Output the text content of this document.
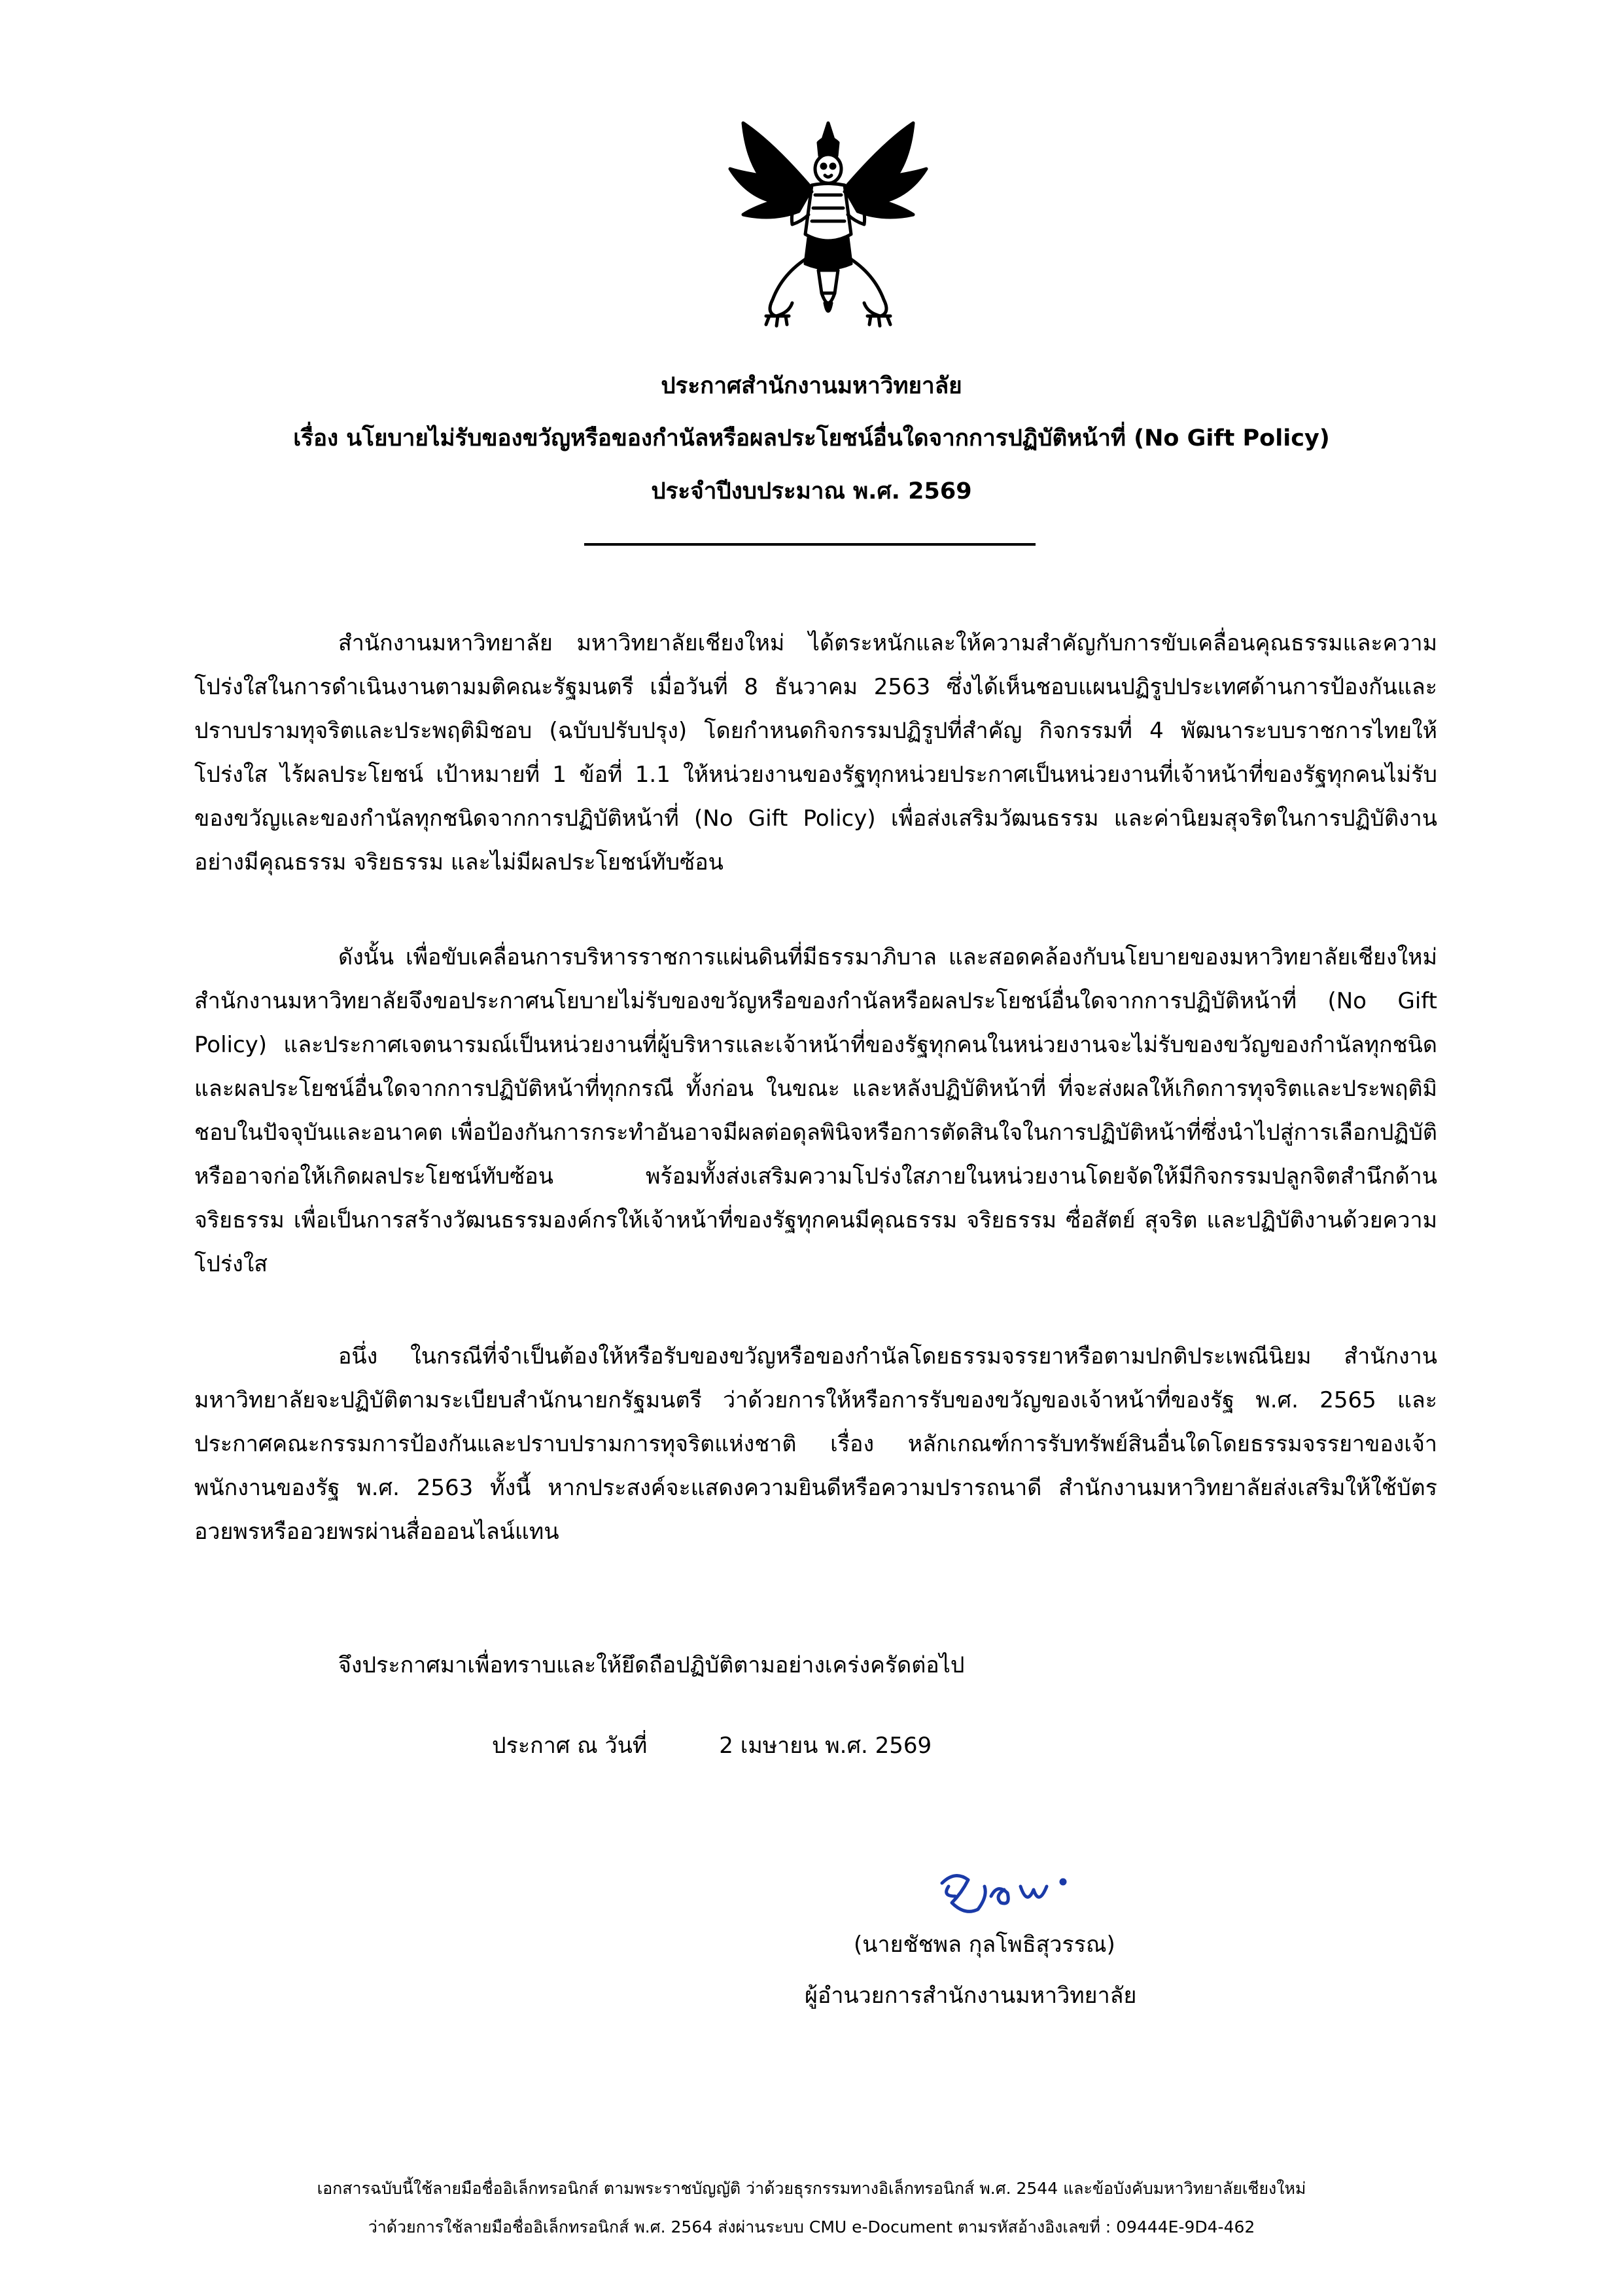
ประกาศสำนักงานมหาวิทยาลัย
เรื่อง นโยบายไม่รับของขวัญหรือของกำนัลหรือผลประโยชน์อื่นใดจากการปฏิบัติหน้าที่ (No Gift Policy)
ประจำปีงบประมาณ พ.ศ. 2569

สำนักงานมหาวิทยาลัย มหาวิทยาลัยเชียงใหม่ ได้ตระหนักและให้ความสำคัญกับการขับเคลื่อนคุณธรรมและความโปร่งใสในการดำเนินงานตามมติคณะรัฐมนตรี เมื่อวันที่ 8 ธันวาคม 2563 ซึ่งได้เห็นชอบแผนปฏิรูปประเทศด้านการป้องกันและปราบปรามทุจริตและประพฤติมิชอบ (ฉบับปรับปรุง) โดยกำหนดกิจกรรมปฏิรูปที่สำคัญ กิจกรรมที่ 4 พัฒนาระบบราชการไทยให้โปร่งใส ไร้ผลประโยชน์ เป้าหมายที่ 1 ข้อที่ 1.1 ให้หน่วยงานของรัฐทุกหน่วยประกาศเป็นหน่วยงานที่เจ้าหน้าที่ของรัฐทุกคนไม่รับของขวัญและของกำนัลทุกชนิดจากการปฏิบัติหน้าที่ (No Gift Policy) เพื่อส่งเสริมวัฒนธรรม และค่านิยมสุจริตในการปฏิบัติงานอย่างมีคุณธรรม จริยธรรม และไม่มีผลประโยชน์ทับซ้อน

ดังนั้น เพื่อขับเคลื่อนการบริหารราชการแผ่นดินที่มีธรรมาภิบาล และสอดคล้องกับนโยบายของมหาวิทยาลัยเชียงใหม่ สำนักงานมหาวิทยาลัยจึงขอประกาศนโยบายไม่รับของขวัญหรือของกำนัลหรือผลประโยชน์อื่นใดจากการปฏิบัติหน้าที่ (No Gift Policy) และประกาศเจตนารมณ์เป็นหน่วยงานที่ผู้บริหารและเจ้าหน้าที่ของรัฐทุกคนในหน่วยงานจะไม่รับของขวัญของกำนัลทุกชนิด และผลประโยชน์อื่นใดจากการปฏิบัติหน้าที่ทุกกรณี ทั้งก่อน ในขณะ และหลังปฏิบัติหน้าที่ ที่จะส่งผลให้เกิดการทุจริตและประพฤติมิชอบในปัจจุบันและอนาคต เพื่อป้องกันการกระทำอันอาจมีผลต่อดุลพินิจหรือการตัดสินใจในการปฏิบัติหน้าที่ซึ่งนำไปสู่การเลือกปฏิบัติ หรืออาจก่อให้เกิดผลประโยชน์ทับซ้อน พร้อมทั้งส่งเสริมความโปร่งใสภายในหน่วยงานโดยจัดให้มีกิจกรรมปลูกจิตสำนึกด้านจริยธรรม เพื่อเป็นการสร้างวัฒนธรรมองค์กรให้เจ้าหน้าที่ของรัฐทุกคนมีคุณธรรม จริยธรรม ซื่อสัตย์ สุจริต และปฏิบัติงานด้วยความโปร่งใส

อนึ่ง ในกรณีที่จำเป็นต้องให้หรือรับของขวัญหรือของกำนัลโดยธรรมจรรยาหรือตามปกติประเพณีนิยม สำนักงานมหาวิทยาลัยจะปฏิบัติตามระเบียบสำนักนายกรัฐมนตรี ว่าด้วยการให้หรือการรับของขวัญของเจ้าหน้าที่ของรัฐ พ.ศ. 2565 และประกาศคณะกรรมการป้องกันและปราบปรามการทุจริตแห่งชาติ เรื่อง หลักเกณฑ์การรับทรัพย์สินอื่นใดโดยธรรมจรรยาของเจ้าพนักงานของรัฐ พ.ศ. 2563 ทั้งนี้ หากประสงค์จะแสดงความยินดีหรือความปรารถนาดี สำนักงานมหาวิทยาลัยส่งเสริมให้ใช้บัตรอวยพรหรืออวยพรผ่านสื่อออนไลน์แทน

จึงประกาศมาเพื่อทราบและให้ยึดถือปฏิบัติตามอย่างเคร่งครัดต่อไป
ประกาศ ณ วันที่	2 เมษายน พ.ศ. 2569
(นายชัชพล กุลโพธิสุวรรณ)
ผู้อำนวยการสำนักงานมหาวิทยาลัย
เอกสารฉบับนี้ใช้ลายมือชื่ออิเล็กทรอนิกส์ ตามพระราชบัญญัติ ว่าด้วยธุรกรรมทางอิเล็กทรอนิกส์ พ.ศ. 2544 และข้อบังคับมหาวิทยาลัยเชียงใหม่
ว่าด้วยการใช้ลายมือชื่ออิเล็กทรอนิกส์ พ.ศ. 2564 ส่งผ่านระบบ CMU e-Document ตามรหัสอ้างอิงเลขที่ : 09444E-9D4-462
